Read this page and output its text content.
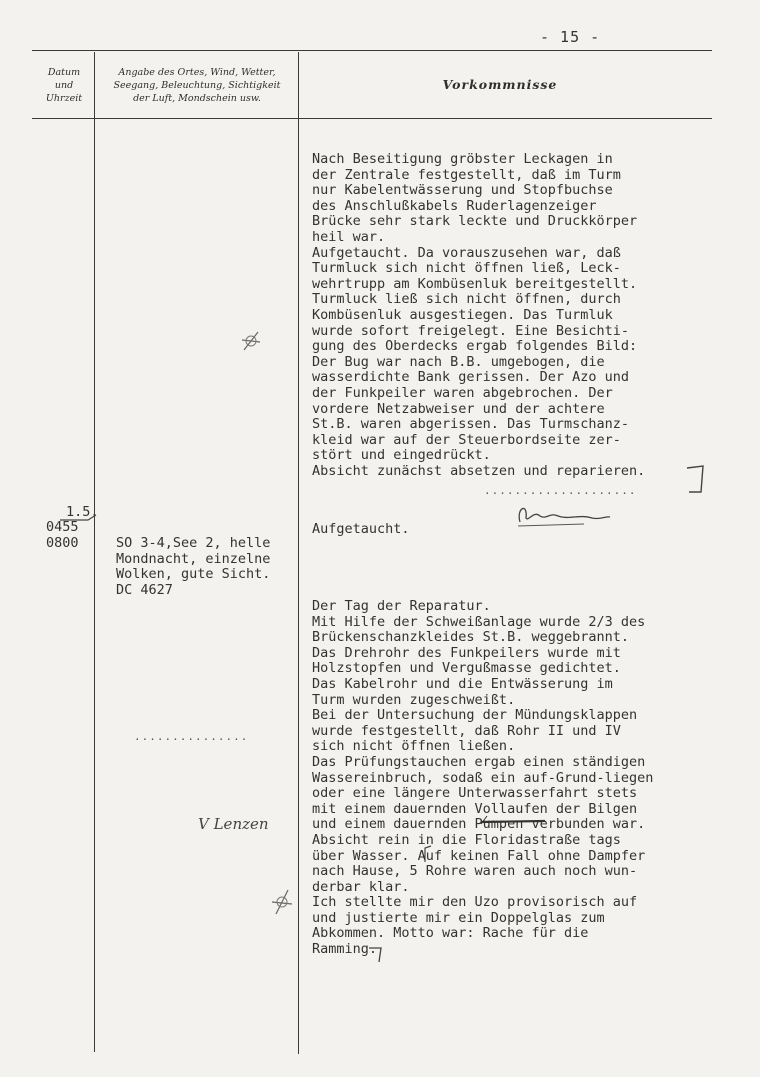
- 15 -
Datum
und
Uhrzeit
Angabe des Ortes, Wind, Wetter,
Seegang, Beleuchtung, Sichtigkeit
der Luft, Mondschein usw.
Vorkommnisse
Nach Beseitigung gröbster Leckagen in
der Zentrale festgestellt, daß im Turm
nur Kabelentwässerung und Stopfbuchse
des Anschlußkabels Ruderlagenzeiger
Brücke sehr stark leckte und Druckkörper
heil war.
Aufgetaucht. Da vorauszusehen war, daß
Turmluck sich nicht öffnen ließ, Leck-
wehrtrupp am Kombüsenluk bereitgestellt.
Turmluck ließ sich nicht öffnen, durch
Kombüsenluk ausgestiegen. Das Turmluk
wurde sofort freigelegt. Eine Besichti-
gung des Oberdecks ergab folgendes Bild:
Der Bug war nach B.B. umgebogen, die
wasserdichte Bank gerissen. Der Azo und
der Funkpeiler waren abgebrochen. Der
vordere Netzabweiser und der achtere
St.B. waren abgerissen. Das Turmschanz-
kleid war auf der Steuerbordseite zer-
stört und eingedrückt.
Absicht zunächst absetzen und reparieren.
....................
1.5.
0455
0800	SO 3-4,See 2, helle
Mondnacht, einzelne
Wolken, gute Sicht.
DC 4627
Aufgetaucht.
Der Tag der Reparatur.
Mit Hilfe der Schweißanlage wurde 2/3 des
Brückenschanzkleides St.B. weggebrannt.
Das Drehrohr des Funkpeilers wurde mit
Holzstopfen und Vergußmasse gedichtet.
Das Kabelrohr und die Entwässerung im
Turm wurden zugeschweißt.
Bei der Untersuchung der Mündungsklappen
wurde festgestellt, daß Rohr II und IV
sich nicht öffnen ließen.
Das Prüfungstauchen ergab einen ständigen
Wassereinbruch, sodaß ein auf-Grund-liegen
oder eine längere Unterwasserfahrt stets
mit einem dauernden Vollaufen der Bilgen
und einem dauernden Pumpen verbunden war.
Absicht rein in die Floridastraße tags
über Wasser. Auf keinen Fall ohne Dampfer
nach Hause, 5 Rohre waren auch noch wun-
derbar klar.
Ich stellte mir den Uzo provisorisch auf
und justierte mir ein Doppelglas zum
Abkommen. Motto war: Rache für die
Ramming.
...............
V Lenzen
